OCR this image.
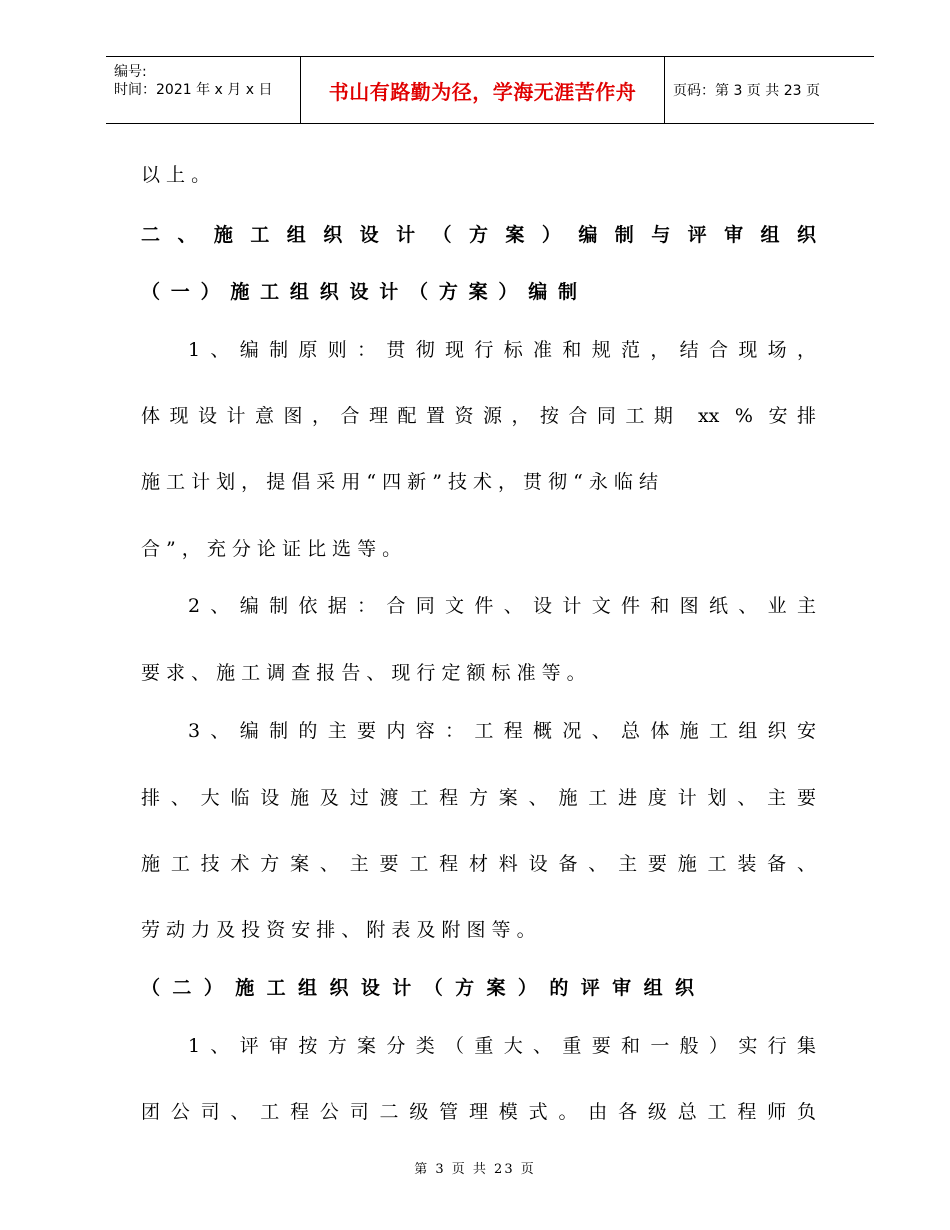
编号:
时间：2021 年 x 月 x 日	书山有路勤为径，学海无涯苦作舟	页码：第 3 页 共 23 页
以 上 。
二、施工组织设计（方案）编制与评审组织
（一）施工组织设计（方案）编制
1、编制原则：贯彻现行标准和规范，结合现场，
体现设计意图，合理配置资源，按合同工期 xx % 安排
施 工 计 划 ， 提 倡 采 用 “ 四 新 ” 技 术 ， 贯 彻 “ 永 临 结
合 ” ， 充 分 论 证 比 选 等 。
2、编制依据：合同文件、设计文件和图纸、业主
要 求 、 施 工 调 查 报 告 、 现 行 定 额 标 准 等 。
3、编制的主要内容：工程概况、总体施工组织安
排、大临设施及过渡工程方案、施工进度计划、主要
施工技术方案、主要工程材料设备、主要施工装备、
劳 动 力 及 投 资 安 排 、 附 表 及 附 图 等 。
（二）施工组织设计（方案）的评审组织
1、评审按方案分类（重大、重要和一般）实行集
团公司、工程公司二级管理模式。由各级总工程师负
第 3 页 共 23 页
